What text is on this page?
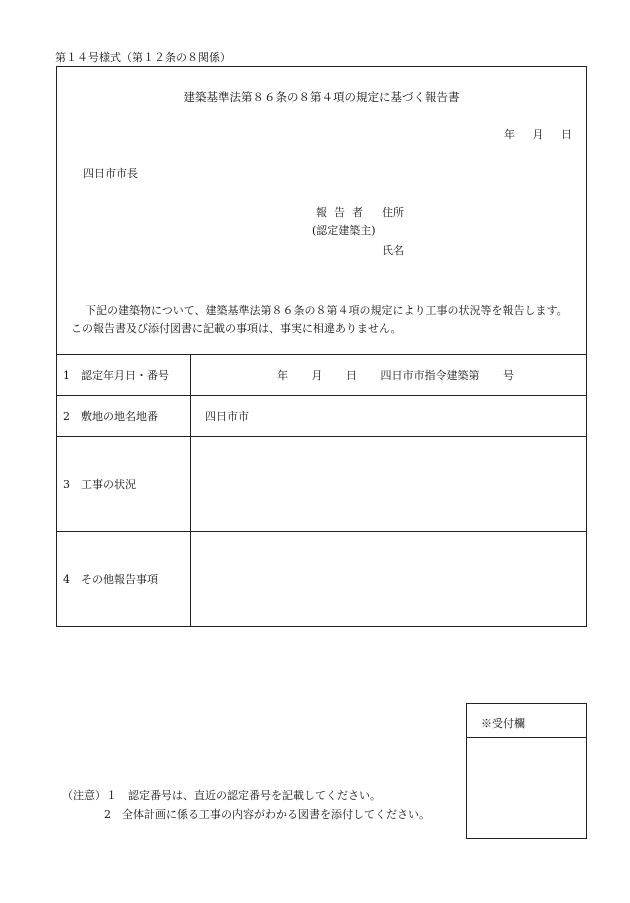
第１４号様式（第１２条の８関係）
建築基準法第８６条の８第４項の規定に基づく報告書
年 月 日
四日市市長
報告者 住所
(認定建築主)
氏名
下記の建築物について、建築基準法第８６条の８第４項の規定により工事の状況等を報告します。
この報告書及び添付図書に記載の事項は、事実に相違ありません。
1　認定年月日・番号	年 月 日 四日市市指令建築第 号
2　敷地の地名地番	四日市市
3　工事の状況	
4　その他報告事項	
※受付欄
（注意）１ 認定番号は、直近の認定番号を記載してください。
2　全体計画に係る工事の内容がわかる図書を添付してください。
